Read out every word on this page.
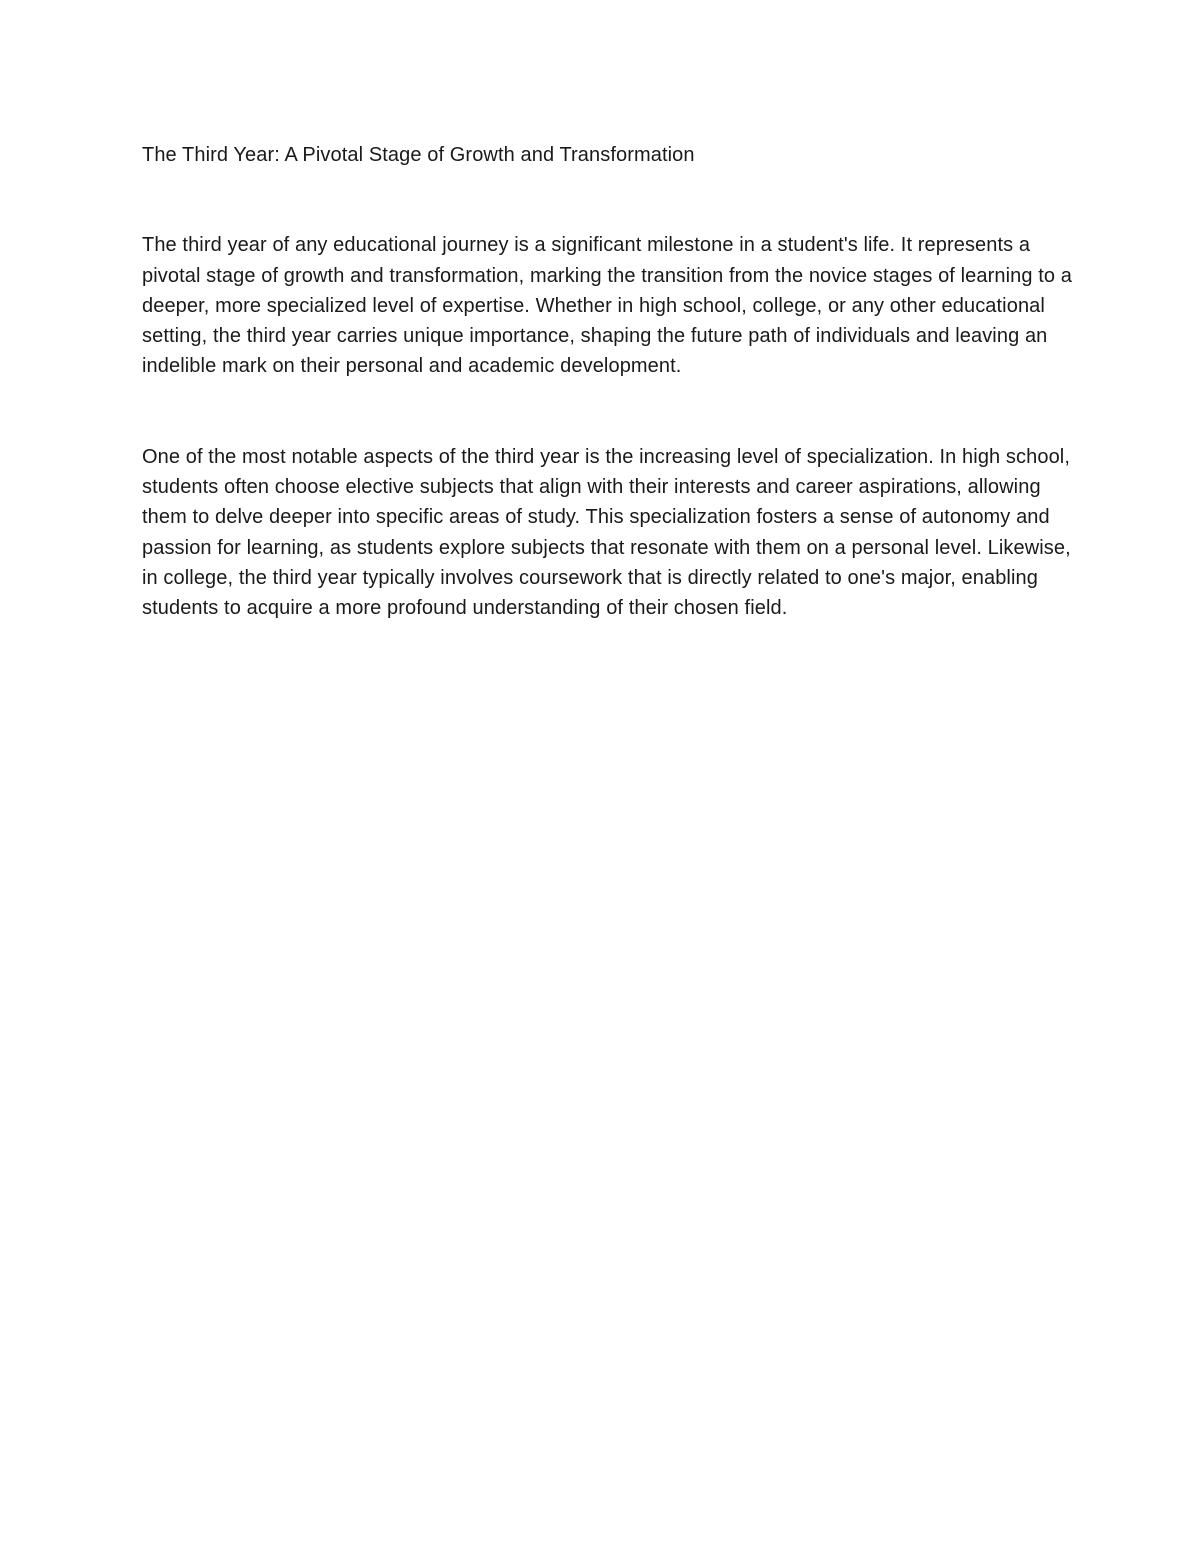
The Third Year: A Pivotal Stage of Growth and Transformation

The third year of any educational journey is a significant milestone in a student's life. It represents a pivotal stage of growth and transformation, marking the transition from the novice stages of learning to a deeper, more specialized level of expertise. Whether in high school, college, or any other educational setting, the third year carries unique importance, shaping the future path of individuals and leaving an indelible mark on their personal and academic development.

One of the most notable aspects of the third year is the increasing level of specialization. In high school, students often choose elective subjects that align with their interests and career aspirations, allowing them to delve deeper into specific areas of study. This specialization fosters a sense of autonomy and passion for learning, as students explore subjects that resonate with them on a personal level. Likewise, in college, the third year typically involves coursework that is directly related to one's major, enabling students to acquire a more profound understanding of their chosen field.
